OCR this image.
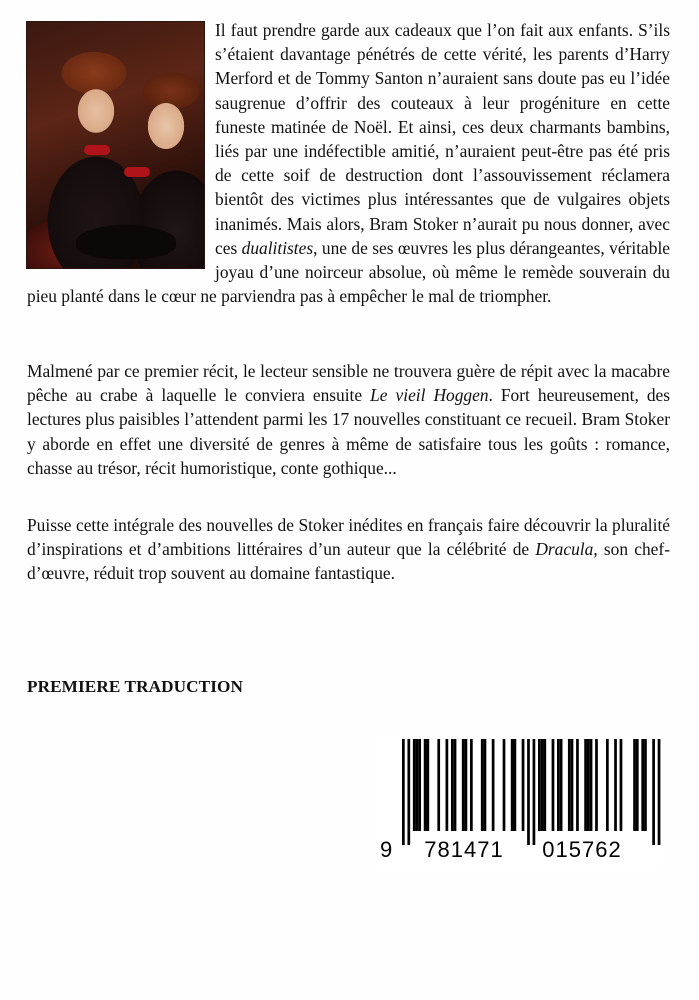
Il faut prendre garde aux cadeaux que l’on fait aux enfants. S’ils s’étaient davantage pénétrés de cette vérité, les parents d’Harry Merford et de Tommy Santon n’auraient sans doute pas eu l’idée saugrenue d’offrir des couteaux à leur progéniture en cette funeste matinée de Noël. Et ainsi, ces deux charmants bambins, liés par une indéfectible amitié, n’auraient peut-être pas été pris de cette soif de destruction dont l’assouvissement réclamera bientôt des victimes plus intéressantes que de vulgaires objets inanimés. Mais alors, Bram Stoker n’aurait pu nous donner, avec ces dualitistes, une de ses œuvres les plus dérangeantes, véritable joyau d’une noirceur absolue, où même le remède souverain du pieu planté dans le cœur ne parviendra pas à empêcher le mal de triompher.

Malmené par ce premier récit, le lecteur sensible ne trouvera guère de répit avec la macabre pêche au crabe à laquelle le conviera ensuite Le vieil Hoggen. Fort heureusement, des lectures plus paisibles l’attendent parmi les 17 nouvelles constituant ce recueil. Bram Stoker y aborde en effet une diversité de genres à même de satisfaire tous les goûts : romance, chasse au trésor, récit humoristique, conte gothique...

Puisse cette intégrale des nouvelles de Stoker inédites en français faire découvrir la pluralité d’inspirations et d’ambitions littéraires d’un auteur que la célébrité de Dracula, son chef-d’œuvre, réduit trop souvent au domaine fantastique.

PREMIERE TRADUCTION

9	781471	015762
